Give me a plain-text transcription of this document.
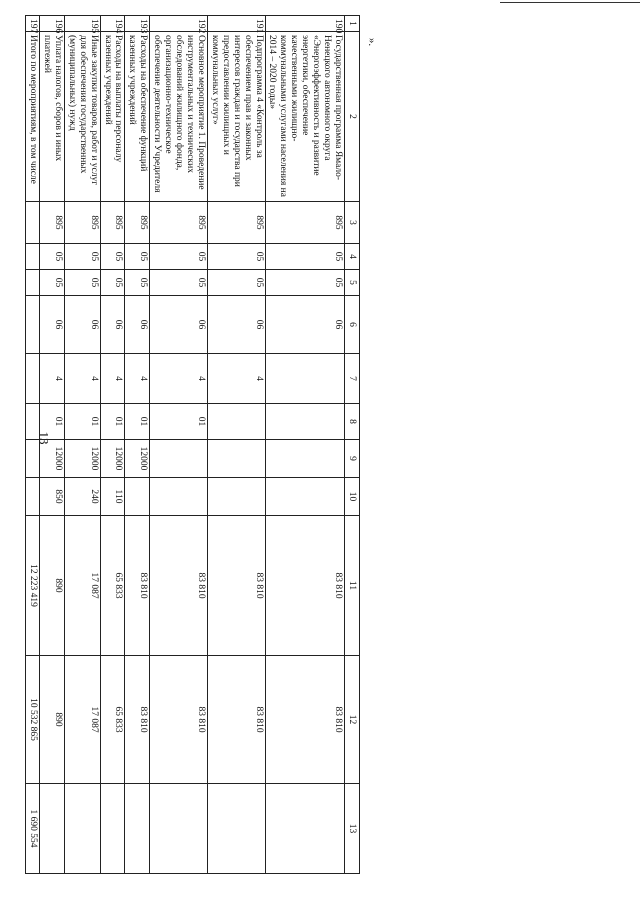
13
1	2	3	4	5	6	7	8	9	10	11	12	13
190	Государственная программа Ямало-Ненецкого автономного округа «Энергоэффективность и развитие энергетики, обеспечение качественными жилищно-коммунальными услугами населения на 2014 – 2020 годы»	895	05	05	06					83 810	83 810	
191	Подпрограмма 4 «Контроль за обеспечением прав и законных интересов граждан и государства при предоставлении жилищных и коммунальных услуг»	895	05	05	06	4				83 810	83 810	
192	Основное мероприятие 1. Проведение инструментальных и технических обследований жилищного фонда, организационно-техническое обеспечение деятельности Учредителя	895	05	05	06	4	01			83 810	83 810	
193	Расходы на обеспечение функций казенных учреждений	895	05	05	06	4	01	12000		83 810	83 810	
194	Расходы на выплаты персоналу казенных учреждений	895	05	05	06	4	01	12000	110	65 833	65 833	
195	Иные закупки товаров, работ и услуг для обеспечения государственных (муниципальных) нужд	895	05	05	06	4	01	12000	240	17 087	17 087	
196	Уплата налогов, сборов и иных платежей	895	05	05	06	4	01	12000	850	890	890	
197	Итого по мероприятиям, в том числе									12 223 419	10 532 865	1 690 554
».
